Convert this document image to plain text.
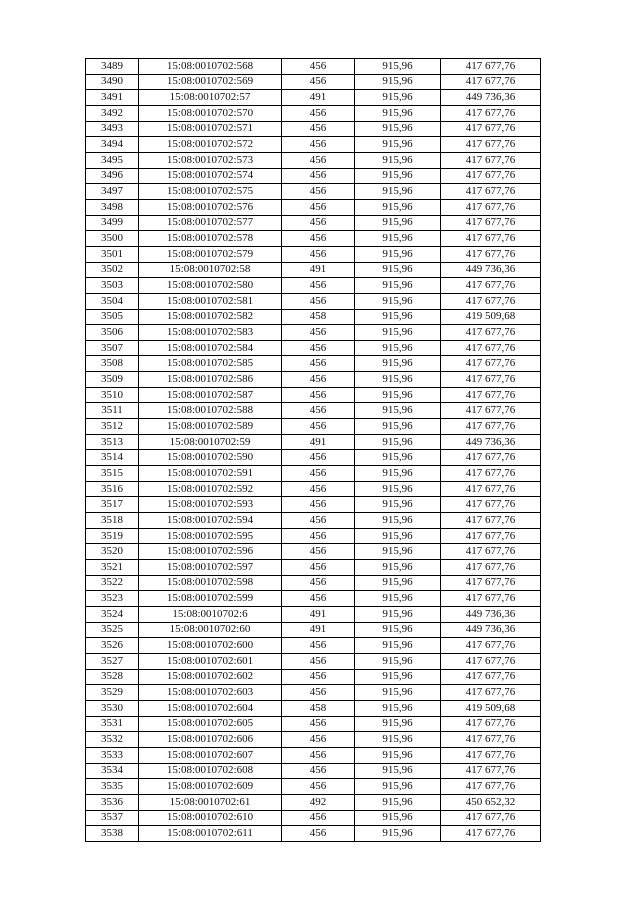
3489	15:08:0010702:568	456	915,96	417 677,76
3490	15:08:0010702:569	456	915,96	417 677,76
3491	15:08:0010702:57	491	915,96	449 736,36
3492	15:08:0010702:570	456	915,96	417 677,76
3493	15:08:0010702:571	456	915,96	417 677,76
3494	15:08:0010702:572	456	915,96	417 677,76
3495	15:08:0010702:573	456	915,96	417 677,76
3496	15:08:0010702:574	456	915,96	417 677,76
3497	15:08:0010702:575	456	915,96	417 677,76
3498	15:08:0010702:576	456	915,96	417 677,76
3499	15:08:0010702:577	456	915,96	417 677,76
3500	15:08:0010702:578	456	915,96	417 677,76
3501	15:08:0010702:579	456	915,96	417 677,76
3502	15:08:0010702:58	491	915,96	449 736,36
3503	15:08:0010702:580	456	915,96	417 677,76
3504	15:08:0010702:581	456	915,96	417 677,76
3505	15:08:0010702:582	458	915,96	419 509,68
3506	15:08:0010702:583	456	915,96	417 677,76
3507	15:08:0010702:584	456	915,96	417 677,76
3508	15:08:0010702:585	456	915,96	417 677,76
3509	15:08:0010702:586	456	915,96	417 677,76
3510	15:08:0010702:587	456	915,96	417 677,76
3511	15:08:0010702:588	456	915,96	417 677,76
3512	15:08:0010702:589	456	915,96	417 677,76
3513	15:08:0010702:59	491	915,96	449 736,36
3514	15:08:0010702:590	456	915,96	417 677,76
3515	15:08:0010702:591	456	915,96	417 677,76
3516	15:08:0010702:592	456	915,96	417 677,76
3517	15:08:0010702:593	456	915,96	417 677,76
3518	15:08:0010702:594	456	915,96	417 677,76
3519	15:08:0010702:595	456	915,96	417 677,76
3520	15:08:0010702:596	456	915,96	417 677,76
3521	15:08:0010702:597	456	915,96	417 677,76
3522	15:08:0010702:598	456	915,96	417 677,76
3523	15:08:0010702:599	456	915,96	417 677,76
3524	15:08:0010702:6	491	915,96	449 736,36
3525	15:08:0010702:60	491	915,96	449 736,36
3526	15:08:0010702:600	456	915,96	417 677,76
3527	15:08:0010702:601	456	915,96	417 677,76
3528	15:08:0010702:602	456	915,96	417 677,76
3529	15:08:0010702:603	456	915,96	417 677,76
3530	15:08:0010702:604	458	915,96	419 509,68
3531	15:08:0010702:605	456	915,96	417 677,76
3532	15:08:0010702:606	456	915,96	417 677,76
3533	15:08:0010702:607	456	915,96	417 677,76
3534	15:08:0010702:608	456	915,96	417 677,76
3535	15:08:0010702:609	456	915,96	417 677,76
3536	15:08:0010702:61	492	915,96	450 652,32
3537	15:08:0010702:610	456	915,96	417 677,76
3538	15:08:0010702:611	456	915,96	417 677,76
